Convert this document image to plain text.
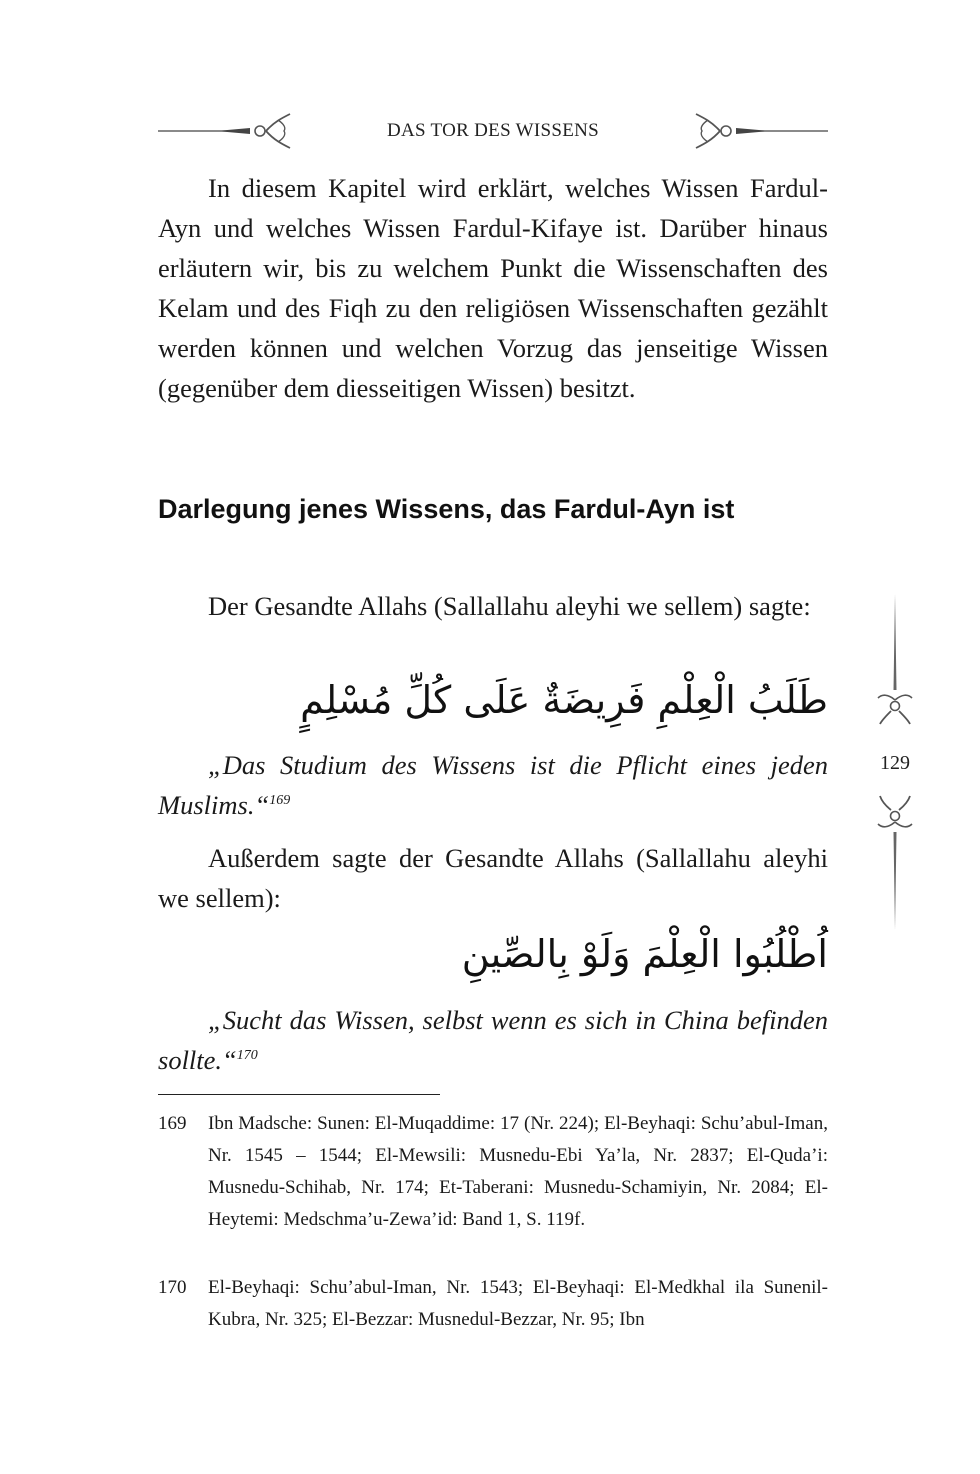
DAS TOR DES WISSENS

In diesem Kapitel wird erklärt, welches Wissen Fardul-Ayn und welches Wissen Fardul-Kifaye ist. Darüber hinaus erläutern wir, bis zu welchem Punkt die Wissenschaften des Kelam und des Fiqh zu den religiösen Wissenschaften gezählt werden können und welchen Vorzug das jenseitige Wissen (gegenüber dem diesseitigen Wissen) besitzt.

Darlegung jenes Wissens, das Fardul-Ayn ist

Der Gesandte Allahs (Sallallahu aleyhi we sellem) sagte:

طَلَبُ الْعِلْمِ فَرِيضَةٌ عَلَى كُلِّ مُسْلِمٍ

„Das Studium des Wissens ist die Pflicht eines jeden Muslims.“$^{169}$

Außerdem sagte der Gesandte Allahs (Sallallahu aleyhi we sellem):

اُطْلُبُوا الْعِلْمَ وَلَوْ بِالصِّينِ

„Sucht das Wissen, selbst wenn es sich in China befinden sollte.“$^{170}$

169	Ibn Madsche: Sunen: El-Muqaddime: 17 (Nr. 224); El-Beyhaqi: Schu’abul-Iman, Nr. 1545 – 1544; El-Mewsili: Musnedu-Ebi Ya’la, Nr. 2837; El-Quda’i: Musnedu-Schihab, Nr. 174; Et-Taberani: Musnedu-Schamiyin, Nr. 2084; El-Heytemi: Medschma’u-Zewa’id: Band 1, S. 119f.
170	El-Beyhaqi: Schu’abul-Iman, Nr. 1543; El-Beyhaqi: El-Medkhal ila Sunenil-Kubra, Nr. 325; El-Bezzar: Musnedul-Bezzar, Nr. 95; Ibn
129
